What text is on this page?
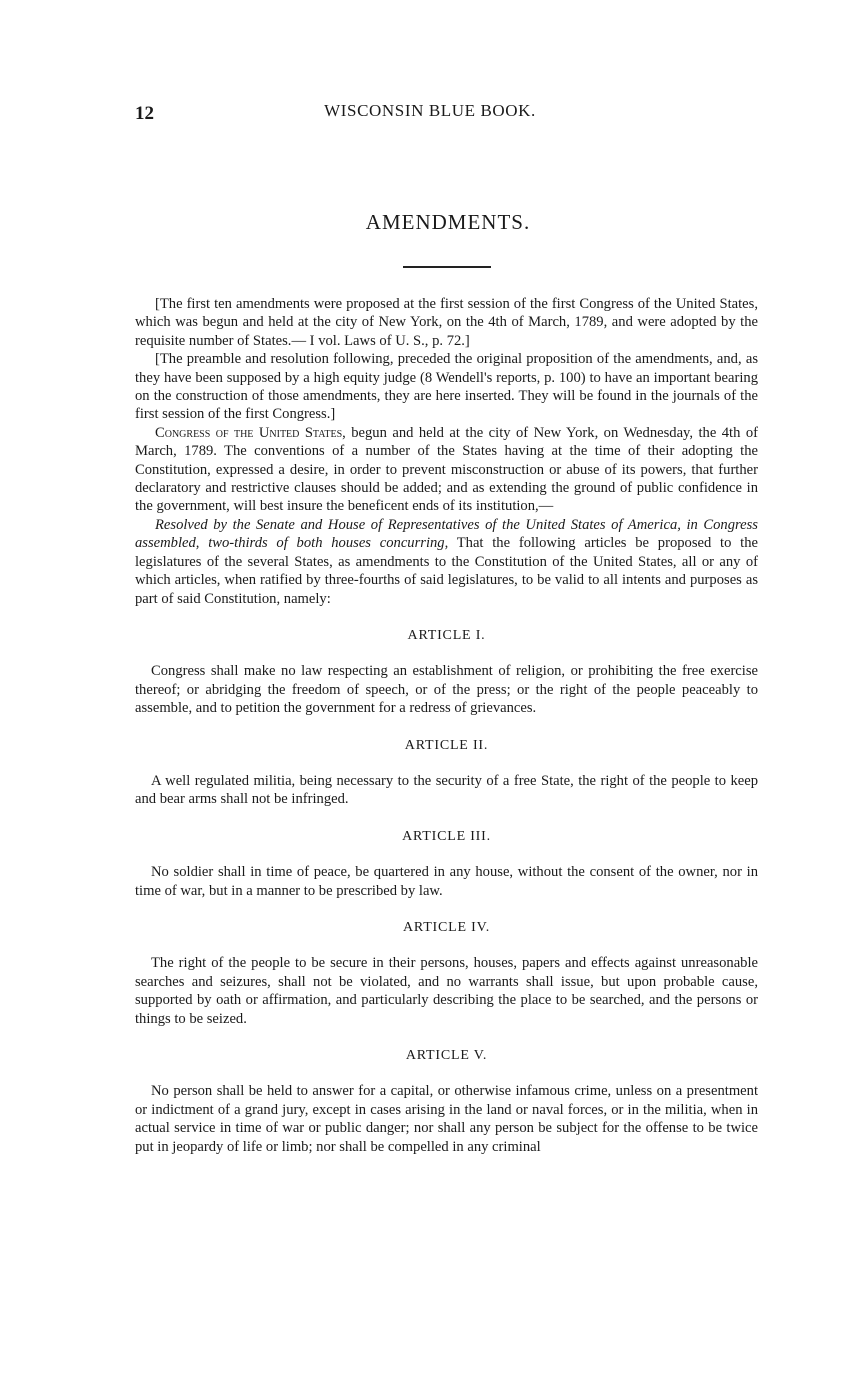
12	WISCONSIN BLUE BOOK.
AMENDMENTS.

[The first ten amendments were proposed at the first session of the first Congress of the United States, which was begun and held at the city of New York, on the 4th of March, 1789, and were adopted by the requisite number of States.— I vol. Laws of U. S., p. 72.]

[The preamble and resolution following, preceded the original proposition of the amendments, and, as they have been supposed by a high equity judge (8 Wendell's reports, p. 100) to have an important bearing on the construction of those amendments, they are here inserted. They will be found in the journals of the first session of the first Congress.]

Congress of the United States, begun and held at the city of New York, on Wednesday, the 4th of March, 1789. The conventions of a number of the States having at the time of their adopting the Constitution, expressed a desire, in order to prevent misconstruction or abuse of its powers, that further declaratory and restrictive clauses should be added; and as extending the ground of public confidence in the government, will best insure the beneficent ends of its institution,—

Resolved by the Senate and House of Representatives of the United States of America, in Congress assembled, two-thirds of both houses concurring, That the following articles be proposed to the legislatures of the several States, as amendments to the Constitution of the United States, all or any of which articles, when ratified by three-fourths of said legislatures, to be valid to all intents and purposes as part of said Constitution, namely:

ARTICLE I.

Congress shall make no law respecting an establishment of religion, or prohibiting the free exercise thereof; or abridging the freedom of speech, or of the press; or the right of the people peaceably to assemble, and to petition the government for a redress of grievances.

ARTICLE II.

A well regulated militia, being necessary to the security of a free State, the right of the people to keep and bear arms shall not be infringed.

ARTICLE III.

No soldier shall in time of peace, be quartered in any house, without the consent of the owner, nor in time of war, but in a manner to be prescribed by law.

ARTICLE IV.

The right of the people to be secure in their persons, houses, papers and effects against unreasonable searches and seizures, shall not be violated, and no warrants shall issue, but upon probable cause, supported by oath or affirmation, and particularly describing the place to be searched, and the persons or things to be seized.

ARTICLE V.

No person shall be held to answer for a capital, or otherwise infamous crime, unless on a presentment or indictment of a grand jury, except in cases arising in the land or naval forces, or in the militia, when in actual service in time of war or public danger; nor shall any person be subject for the offense to be twice put in jeopardy of life or limb; nor shall be compelled in any criminal
